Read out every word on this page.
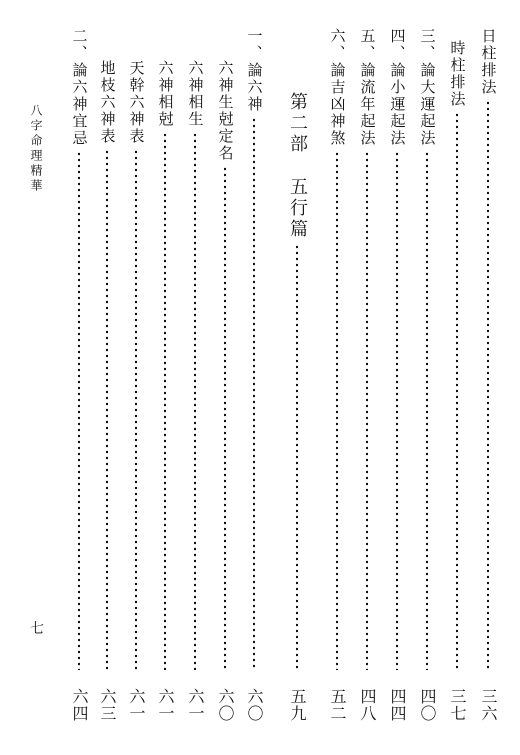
日柱排法
三六
時柱排法
三七
三、論大運起法
四〇
四、論小運起法
四四
五、論流年起法
四八
六、論吉凶神煞
五二
第二部
五行篇
五九
一、論六神
六〇
六神生尅定名
六〇
六神相生
六一
六神相尅
六一
天幹六神表
六一
地枝六神表
六三
二、論六神宜忌
六四
八字命理精華
七
